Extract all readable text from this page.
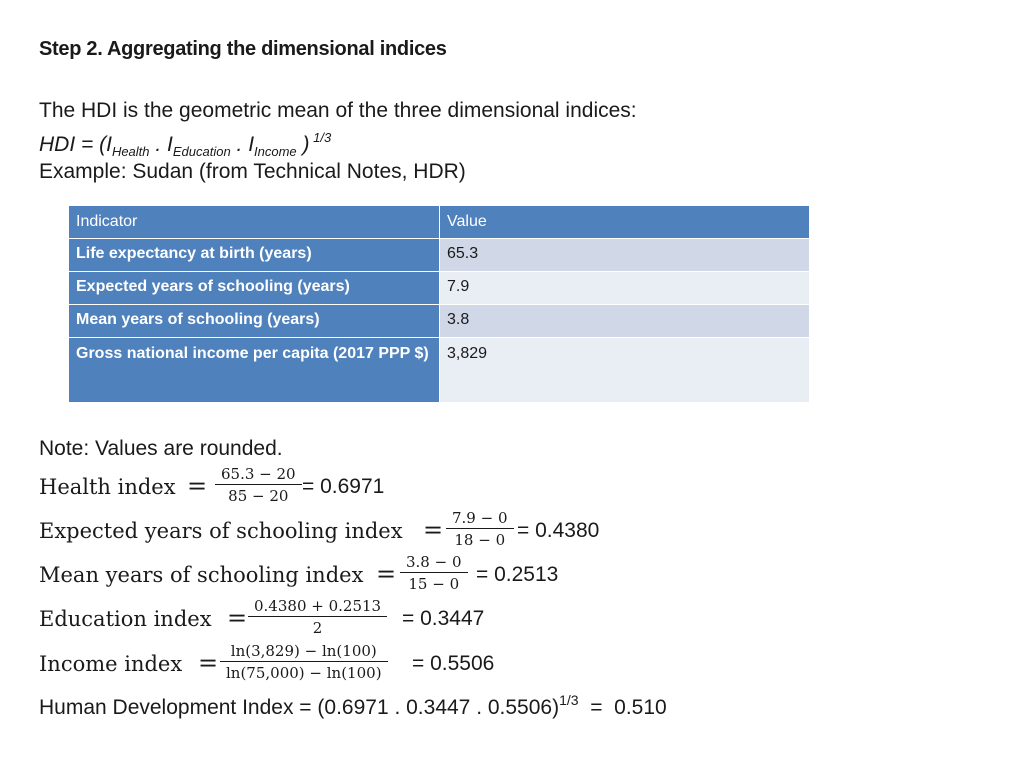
Step 2. Aggregating the dimensional indices
The HDI is the geometric mean of the three dimensional indices:
HDI = ($I_{Health}$ . $I_{Education}$ . $I_{Income}$ ) $^{1/3}$
Example: Sudan (from Technical Notes, HDR)
Indicator	Value
Life expectancy at birth (years)	65.3
Expected years of schooling (years)	7.9
Mean years of schooling (years)	3.8
Gross national income per capita (2017 PPP $)	3,829
Note: Values are rounded.
Health index = 65.3 − 20
85 − 20 = 0.6971
Expected years of schooling index = 7.9 − 0
18 − 0 = 0.4380
Mean years of schooling index = 3.8 − 0
15 − 0 = 0.2513
Education index = 0.4380 + 0.2513
2	= 0.3447
Income index = ln(3,829) − ln(100)
ln(75,000) − ln(100) = 0.5506
Human Development Index = (0.6971 . 0.3447 . 0.5506)$^{1/3}$  =  0.510
